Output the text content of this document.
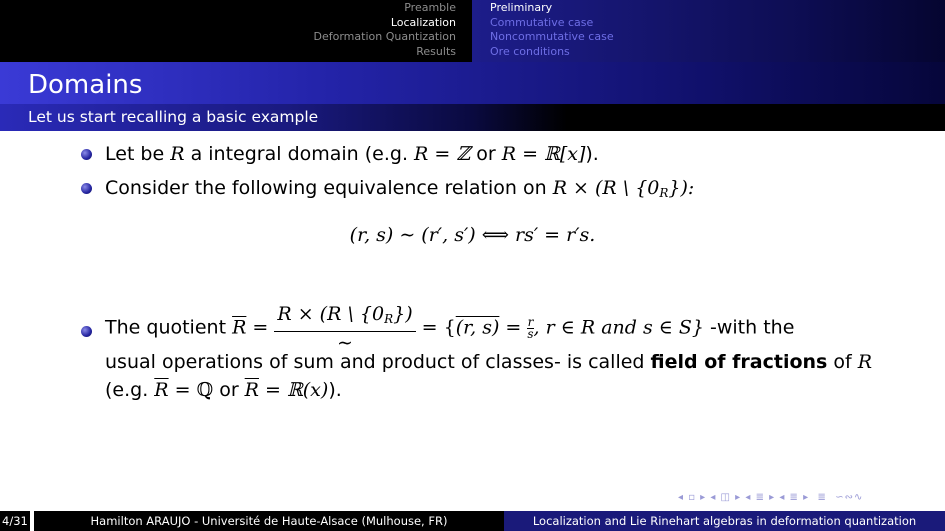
Preamble
Localization
Deformation Quantization
Results
Preliminary
Commutative case
Noncommutative case
Ore conditions
Domains
Let us start recalling a basic example
Let be R a integral domain (e.g. R = ℤ or R = ℝ[x]).
Consider the following equivalence relation on R × (R \ $\{0_R\}$):
(r, s) ∼ (r′, s′) ⟺ rs′ = r′s.
The quotient $\overline{R} = \frac{R \times (R \backslash \{0_R\})}{\sim} = \{(r$, $s) = \frac{r}{s}$, r ∈ R and s ∈ S} -with the
usual operations of sum and product of classes- is called field of fractions of R
(e.g. $\overline{R}$ = ℚ or $\overline{R}$ = ℝ(x)).
◂ ▫ ▸ ◂ ◫ ▸ ◂ ≣ ▸ ◂ ≣ ▸  ≣  ∽∾∿
4/31	Hamilton ARAUJO - Université de Haute-Alsace (Mulhouse, FR)	Localization and Lie Rinehart algebras in deformation quantization
